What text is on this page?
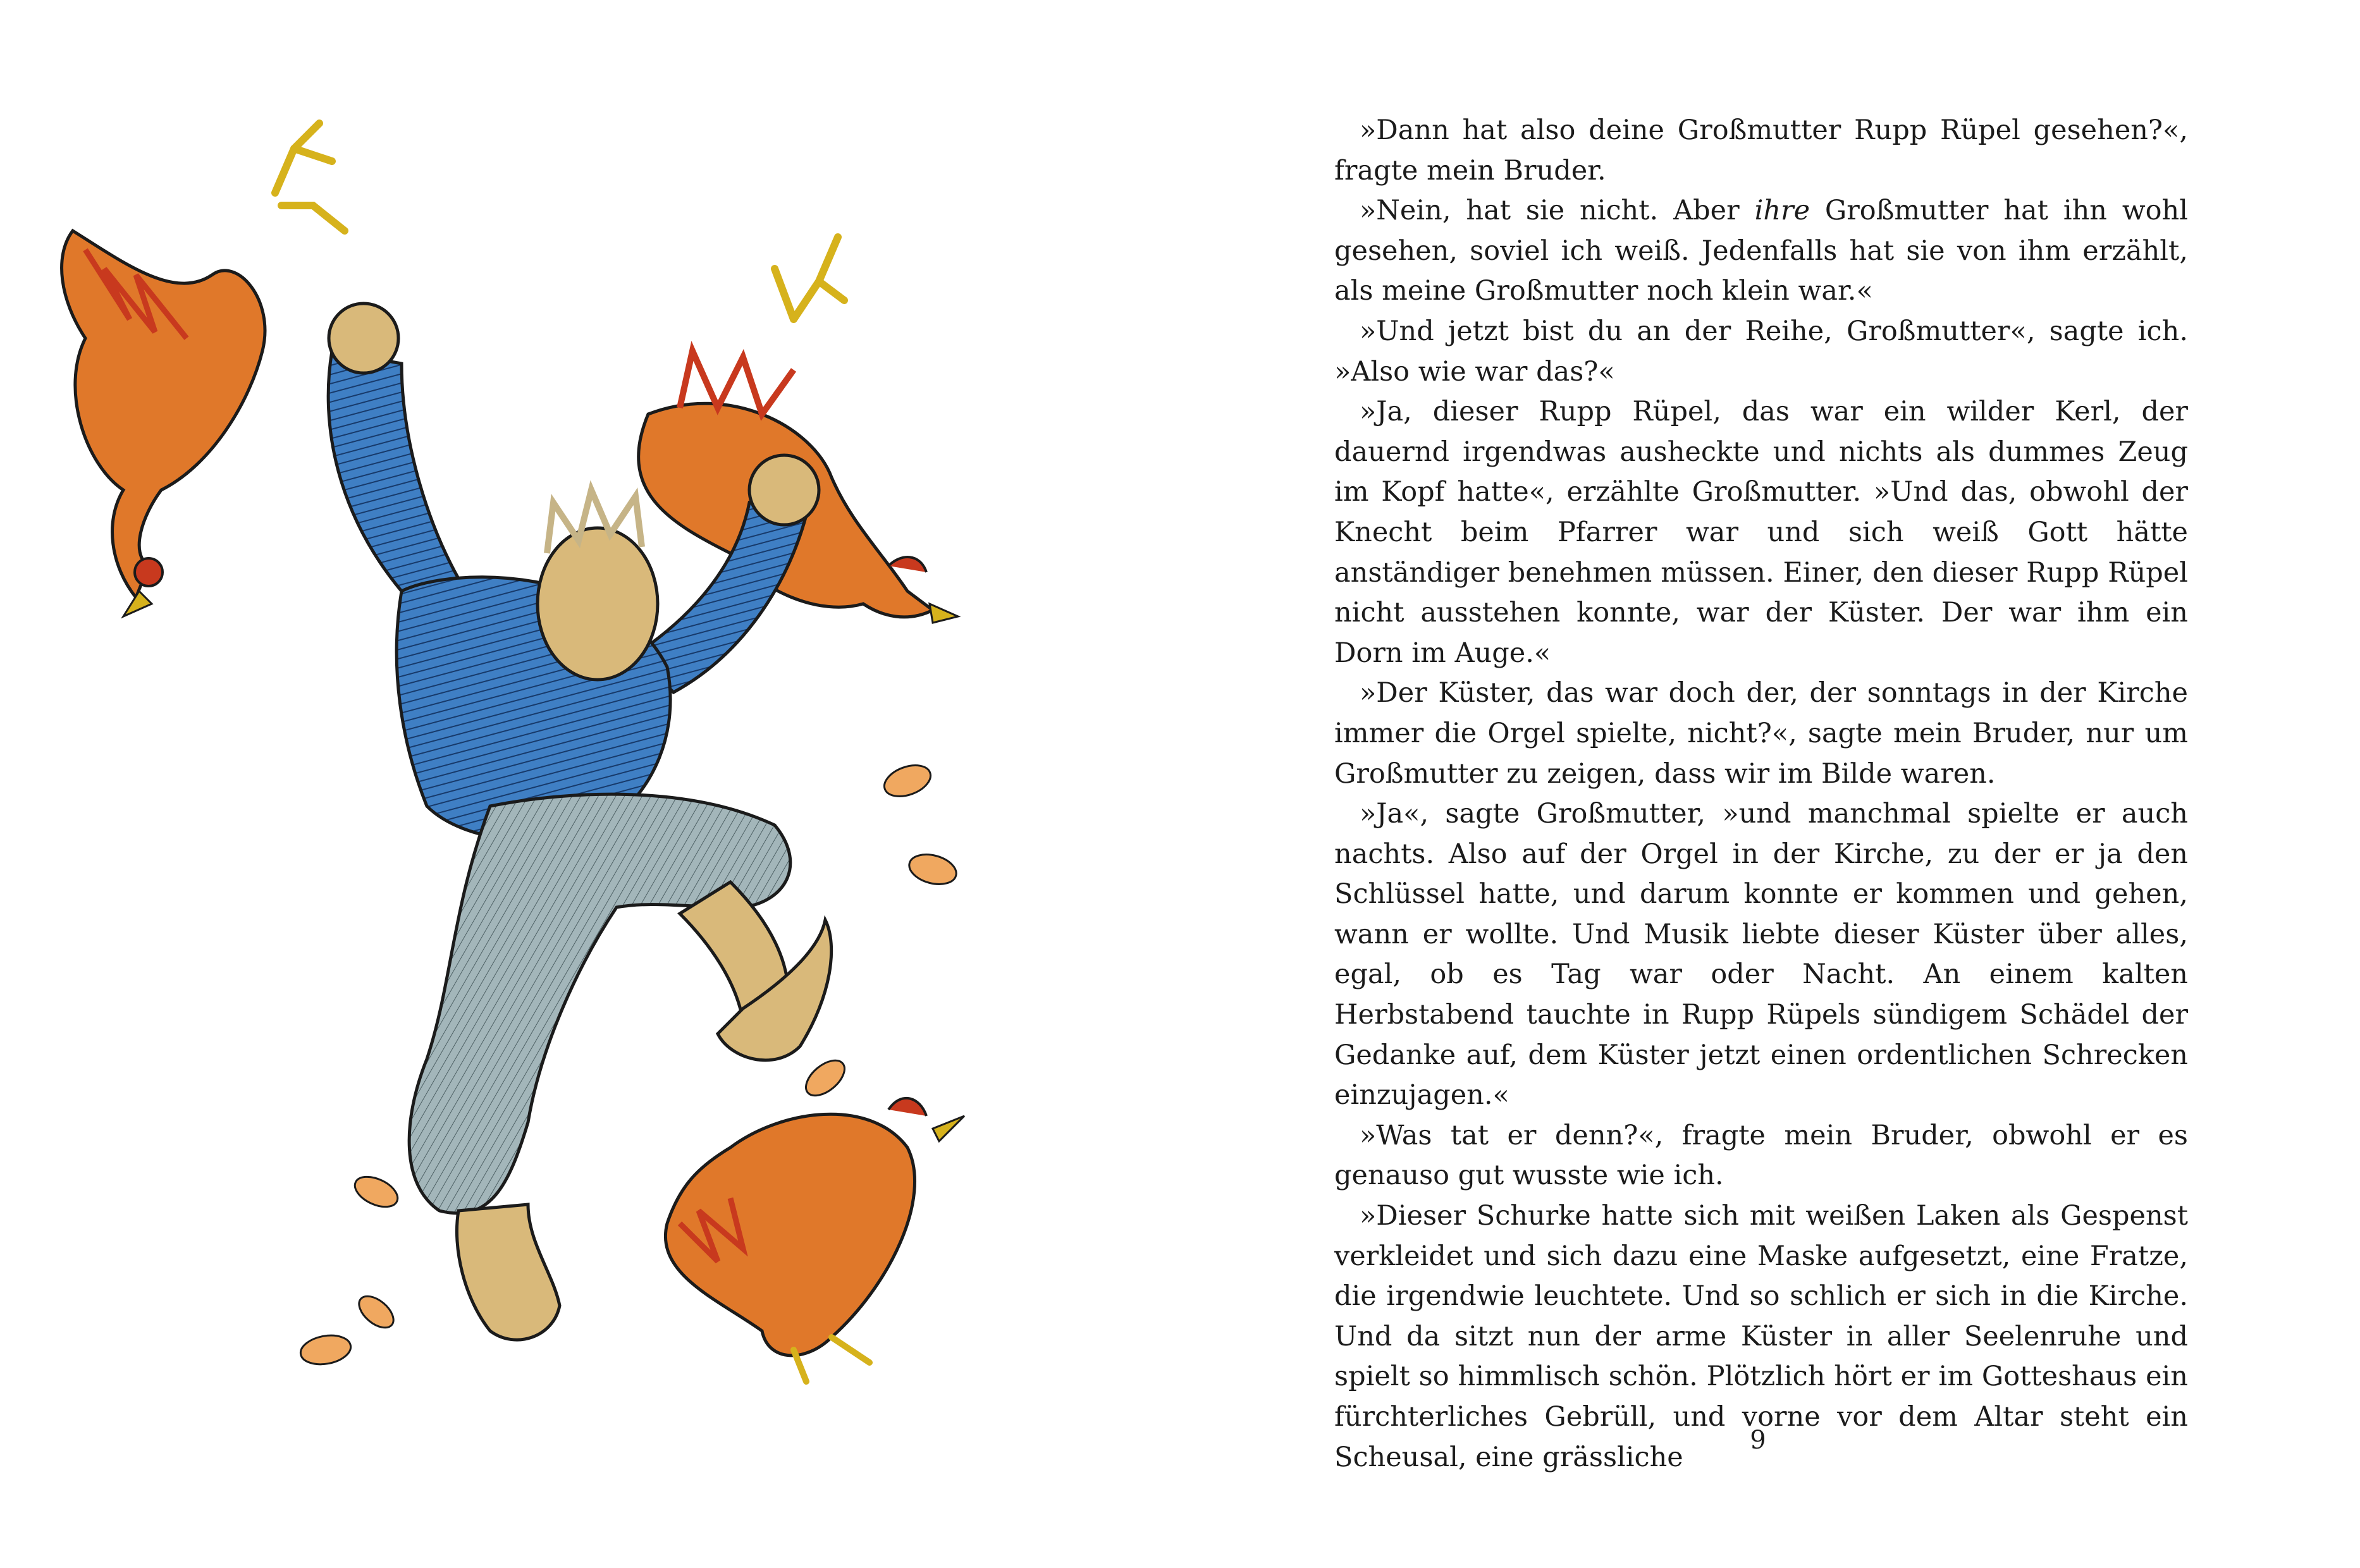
»Dann hat also deine Großmutter Rupp Rüpel gesehen?«, fragte mein Bruder.

»Nein, hat sie nicht. Aber ihre Großmutter hat ihn wohl gesehen, soviel ich weiß. Jedenfalls hat sie von ihm erzählt, als meine Großmutter noch klein war.«

»Und jetzt bist du an der Reihe, Großmutter«, sagte ich. »Also wie war das?«

»Ja, dieser Rupp Rüpel, das war ein wilder Kerl, der dauernd irgendwas ausheckte und nichts als dummes Zeug im Kopf hatte«, erzählte Großmutter. »Und das, obwohl der Knecht beim Pfarrer war und sich weiß Gott hätte anständiger benehmen müssen. Einer, den dieser Rupp Rüpel nicht ausstehen konnte, war der Küster. Der war ihm ein Dorn im Auge.«

»Der Küster, das war doch der, der sonntags in der Kirche immer die Orgel spielte, nicht?«, sagte mein Bruder, nur um Großmutter zu zeigen, dass wir im Bilde waren.

»Ja«, sagte Großmutter, »und manchmal spielte er auch nachts. Also auf der Orgel in der Kirche, zu der er ja den Schlüssel hatte, und darum konnte er kommen und gehen, wann er wollte. Und Musik liebte dieser Küster über alles, egal, ob es Tag war oder Nacht. An einem kalten Herbstabend tauchte in Rupp Rüpels sündigem Schädel der Gedanke auf, dem Küster jetzt einen ordentlichen Schrecken einzujagen.«

»Was tat er denn?«, fragte mein Bruder, obwohl er es genauso gut wusste wie ich.

»Dieser Schurke hatte sich mit weißen Laken als Gespenst verkleidet und sich dazu eine Maske aufgesetzt, eine Fratze, die irgendwie leuchtete. Und so schlich er sich in die Kirche. Und da sitzt nun der arme Küster in aller Seelenruhe und spielt so himmlisch schön. Plötzlich hört er im Gotteshaus ein fürchterliches Gebrüll, und vorne vor dem Altar steht ein Scheusal, eine grässliche

9
